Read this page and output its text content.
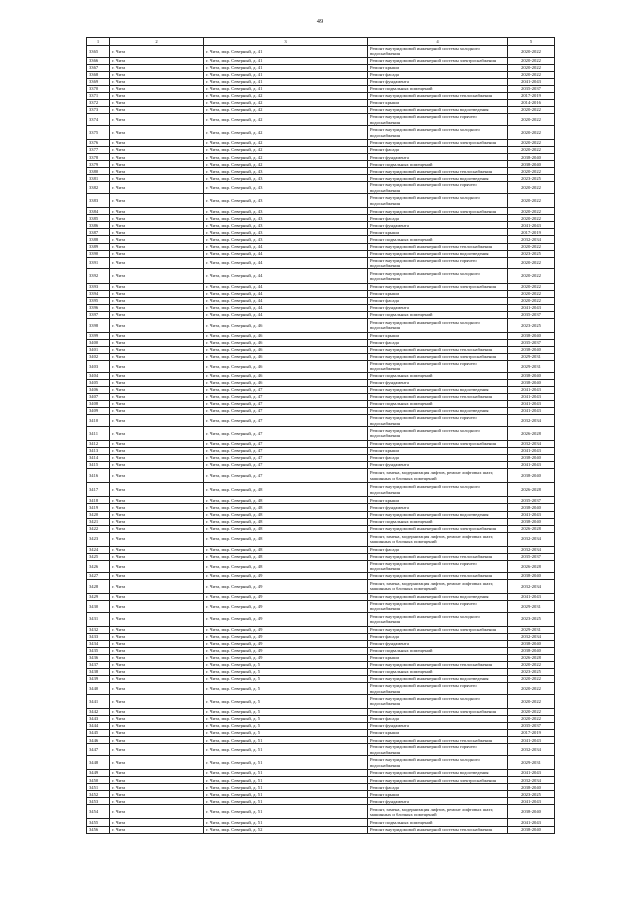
49
1	2	3	4	5
3365	г. Чита	г. Чита, мкр. Северный, д. 41	Ремонт внутридомовой инженерной системы холодного водоснабжения	2020-2022
3366	г. Чита	г. Чита, мкр. Северный, д. 41	Ремонт внутридомовой инженерной системы электроснабжения	2020-2022
3367	г. Чита	г. Чита, мкр. Северный, д. 41	Ремонт крыши	2020-2022
3368	г. Чита	г. Чита, мкр. Северный, д. 41	Ремонт фасада	2020-2022
3369	г. Чита	г. Чита, мкр. Северный, д. 41	Ремонт фундамента	2041-2043
3370	г. Чита	г. Чита, мкр. Северный, д. 41	Ремонт подвальных помещений	2035-2037
3371	г. Чита	г. Чита, мкр. Северный, д. 42	Ремонт внутридомовой инженерной системы теплоснабжения	2017-2019
3372	г. Чита	г. Чита, мкр. Северный, д. 42	Ремонт крыши	2014-2016
3373	г. Чита	г. Чита, мкр. Северный, д. 42	Ремонт внутридомовой инженерной системы водоотведения	2020-2022
3374	г. Чита	г. Чита, мкр. Северный, д. 42	Ремонт внутридомовой инженерной системы горячего водоснабжения	2020-2022
3375	г. Чита	г. Чита, мкр. Северный, д. 42	Ремонт внутридомовой инженерной системы холодного водоснабжения	2020-2022
3376	г. Чита	г. Чита, мкр. Северный, д. 42	Ремонт внутридомовой инженерной системы электроснабжения	2020-2022
3377	г. Чита	г. Чита, мкр. Северный, д. 42	Ремонт фасада	2020-2022
3378	г. Чита	г. Чита, мкр. Северный, д. 42	Ремонт фундамента	2038-2040
3379	г. Чита	г. Чита, мкр. Северный, д. 42	Ремонт подвальных помещений	2038-2040
3380	г. Чита	г. Чита, мкр. Северный, д. 43	Ремонт внутридомовой инженерной системы теплоснабжения	2020-2022
3381	г. Чита	г. Чита, мкр. Северный, д. 43	Ремонт внутридомовой инженерной системы водоотведения	2023-2025
3382	г. Чита	г. Чита, мкр. Северный, д. 43	Ремонт внутридомовой инженерной системы горячего водоснабжения	2020-2022
3383	г. Чита	г. Чита, мкр. Северный, д. 43	Ремонт внутридомовой инженерной системы холодного водоснабжения	2020-2022
3384	г. Чита	г. Чита, мкр. Северный, д. 43	Ремонт внутридомовой инженерной системы электроснабжения	2020-2022
3385	г. Чита	г. Чита, мкр. Северный, д. 43	Ремонт фасада	2020-2022
3386	г. Чита	г. Чита, мкр. Северный, д. 43	Ремонт фундамента	2041-2043
3387	г. Чита	г. Чита, мкр. Северный, д. 43	Ремонт крыши	2017-2019
3388	г. Чита	г. Чита, мкр. Северный, д. 43	Ремонт подвальных помещений	2032-2034
3389	г. Чита	г. Чита, мкр. Северный, д. 44	Ремонт внутридомовой инженерной системы теплоснабжения	2020-2022
3390	г. Чита	г. Чита, мкр. Северный, д. 44	Ремонт внутридомовой инженерной системы водоотведения	2023-2025
3391	г. Чита	г. Чита, мкр. Северный, д. 44	Ремонт внутридомовой инженерной системы горячего водоснабжения	2020-2022
3392	г. Чита	г. Чита, мкр. Северный, д. 44	Ремонт внутридомовой инженерной системы холодного водоснабжения	2020-2022
3393	г. Чита	г. Чита, мкр. Северный, д. 44	Ремонт внутридомовой инженерной системы электроснабжения	2020-2022
3394	г. Чита	г. Чита, мкр. Северный, д. 44	Ремонт крыши	2020-2022
3395	г. Чита	г. Чита, мкр. Северный, д. 44	Ремонт фасада	2020-2022
3396	г. Чита	г. Чита, мкр. Северный, д. 44	Ремонт фундамента	2041-2043
3397	г. Чита	г. Чита, мкр. Северный, д. 44	Ремонт подвальных помещений	2035-2037
3398	г. Чита	г. Чита, мкр. Северный, д. 46	Ремонт внутридомовой инженерной системы холодного водоснабжения	2023-2025
3399	г. Чита	г. Чита, мкр. Северный, д. 46	Ремонт крыши	2038-2040
3400	г. Чита	г. Чита, мкр. Северный, д. 46	Ремонт фасада	2035-2037
3401	г. Чита	г. Чита, мкр. Северный, д. 46	Ремонт внутридомовой инженерной системы теплоснабжения	2038-2040
3402	г. Чита	г. Чита, мкр. Северный, д. 46	Ремонт внутридомовой инженерной системы электроснабжения	2029-2031
3403	г. Чита	г. Чита, мкр. Северный, д. 46	Ремонт внутридомовой инженерной системы горячего водоснабжения	2029-2031
3404	г. Чита	г. Чита, мкр. Северный, д. 46	Ремонт подвальных помещений	2038-2040
3405	г. Чита	г. Чита, мкр. Северный, д. 46	Ремонт фундамента	2038-2040
3406	г. Чита	г. Чита, мкр. Северный, д. 47	Ремонт внутридомовой инженерной системы водоотведения	2041-2043
3407	г. Чита	г. Чита, мкр. Северный, д. 47	Ремонт внутридомовой инженерной системы теплоснабжения	2041-2043
3408	г. Чита	г. Чита, мкр. Северный, д. 47	Ремонт подвальных помещений	2041-2043
3409	г. Чита	г. Чита, мкр. Северный, д. 47	Ремонт внутридомовой инженерной системы водоотведения	2041-2043
3410	г. Чита	г. Чита, мкр. Северный, д. 47	Ремонт внутридомовой инженерной системы горячего водоснабжения	2032-2034
3411	г. Чита	г. Чита, мкр. Северный, д. 47	Ремонт внутридомовой инженерной системы холодного водоснабжения	2026-2028
3412	г. Чита	г. Чита, мкр. Северный, д. 47	Ремонт внутридомовой инженерной системы электроснабжения	2032-2034
3413	г. Чита	г. Чита, мкр. Северный, д. 47	Ремонт крыши	2041-2043
3414	г. Чита	г. Чита, мкр. Северный, д. 47	Ремонт фасада	2038-2040
3415	г. Чита	г. Чита, мкр. Северный, д. 47	Ремонт фундамента	2041-2043
3416	г. Чита	г. Чита, мкр. Северный, д. 47	Ремонт, замена, модернизация лифтов, ремонт лифтовых шахт, машинных и блочных помещений	2038-2040
3417	г. Чита	г. Чита, мкр. Северный, д. 48	Ремонт внутридомовой инженерной системы холодного водоснабжения	2026-2028
3418	г. Чита	г. Чита, мкр. Северный, д. 48	Ремонт крыши	2035-2037
3419	г. Чита	г. Чита, мкр. Северный, д. 48	Ремонт фундамента	2038-2040
3420	г. Чита	г. Чита, мкр. Северный, д. 48	Ремонт внутридомовой инженерной системы водоотведения	2041-2043
3421	г. Чита	г. Чита, мкр. Северный, д. 48	Ремонт подвальных помещений	2038-2040
3422	г. Чита	г. Чита, мкр. Северный, д. 48	Ремонт внутридомовой инженерной системы электроснабжения	2026-2028
3423	г. Чита	г. Чита, мкр. Северный, д. 48	Ремонт, замена, модернизация лифтов, ремонт лифтовых шахт, машинных и блочных помещений	2032-2034
3424	г. Чита	г. Чита, мкр. Северный, д. 48	Ремонт фасада	2032-2034
3425	г. Чита	г. Чита, мкр. Северный, д. 48	Ремонт внутридомовой инженерной системы теплоснабжения	2035-2037
3426	г. Чита	г. Чита, мкр. Северный, д. 48	Ремонт внутридомовой инженерной системы горячего водоснабжения	2026-2028
3427	г. Чита	г. Чита, мкр. Северный, д. 49	Ремонт внутридомовой инженерной системы теплоснабжения	2038-2040
3428	г. Чита	г. Чита, мкр. Северный, д. 49	Ремонт, замена, модернизация лифтов, ремонт лифтовых шахт, машинных и блочных помещений	2032-2034
3429	г. Чита	г. Чита, мкр. Северный, д. 49	Ремонт внутридомовой инженерной системы водоотведения	2041-2043
3430	г. Чита	г. Чита, мкр. Северный, д. 49	Ремонт внутридомовой инженерной системы горячего водоснабжения	2029-2031
3431	г. Чита	г. Чита, мкр. Северный, д. 49	Ремонт внутридомовой инженерной системы холодного водоснабжения	2023-2025
3432	г. Чита	г. Чита, мкр. Северный, д. 49	Ремонт внутридомовой инженерной системы электроснабжения	2029-2031
3433	г. Чита	г. Чита, мкр. Северный, д. 49	Ремонт фасада	2032-2034
3434	г. Чита	г. Чита, мкр. Северный, д. 49	Ремонт фундамента	2038-2040
3435	г. Чита	г. Чита, мкр. Северный, д. 49	Ремонт подвальных помещений	2038-2040
3436	г. Чита	г. Чита, мкр. Северный, д. 49	Ремонт крыши	2026-2028
3437	г. Чита	г. Чита, мкр. Северный, д. 5	Ремонт внутридомовой инженерной системы теплоснабжения	2020-2022
3438	г. Чита	г. Чита, мкр. Северный, д. 5	Ремонт подвальных помещений	2023-2025
3439	г. Чита	г. Чита, мкр. Северный, д. 5	Ремонт внутридомовой инженерной системы водоотведения	2020-2022
3440	г. Чита	г. Чита, мкр. Северный, д. 5	Ремонт внутридомовой инженерной системы горячего водоснабжения	2020-2022
3441	г. Чита	г. Чита, мкр. Северный, д. 5	Ремонт внутридомовой инженерной системы холодного водоснабжения	2020-2022
3442	г. Чита	г. Чита, мкр. Северный, д. 5	Ремонт внутридомовой инженерной системы электроснабжения	2020-2022
3443	г. Чита	г. Чита, мкр. Северный, д. 5	Ремонт фасада	2020-2022
3444	г. Чита	г. Чита, мкр. Северный, д. 5	Ремонт фундамента	2035-2037
3445	г. Чита	г. Чита, мкр. Северный, д. 5	Ремонт крыши	2017-2019
3446	г. Чита	г. Чита, мкр. Северный, д. 51	Ремонт внутридомовой инженерной системы теплоснабжения	2041-2043
3447	г. Чита	г. Чита, мкр. Северный, д. 51	Ремонт внутридомовой инженерной системы горячего водоснабжения	2032-2034
3448	г. Чита	г. Чита, мкр. Северный, д. 51	Ремонт внутридомовой инженерной системы холодного водоснабжения	2029-2031
3449	г. Чита	г. Чита, мкр. Северный, д. 51	Ремонт внутридомовой инженерной системы водоотведения	2041-2043
3450	г. Чита	г. Чита, мкр. Северный, д. 51	Ремонт внутридомовой инженерной системы электроснабжения	2032-2034
3451	г. Чита	г. Чита, мкр. Северный, д. 51	Ремонт фасада	2038-2040
3452	г. Чита	г. Чита, мкр. Северный, д. 51	Ремонт крыши	2023-2025
3453	г. Чита	г. Чита, мкр. Северный, д. 51	Ремонт фундамента	2041-2043
3454	г. Чита	г. Чита, мкр. Северный, д. 51	Ремонт, замена, модернизация лифтов, ремонт лифтовых шахт, машинных и блочных помещений	2038-2040
3455	г. Чита	г. Чита, мкр. Северный, д. 51	Ремонт подвальных помещений	2041-2043
3456	г. Чита	г. Чита, мкр. Северный, д. 52	Ремонт внутридомовой инженерной системы теплоснабжения	2038-2040
